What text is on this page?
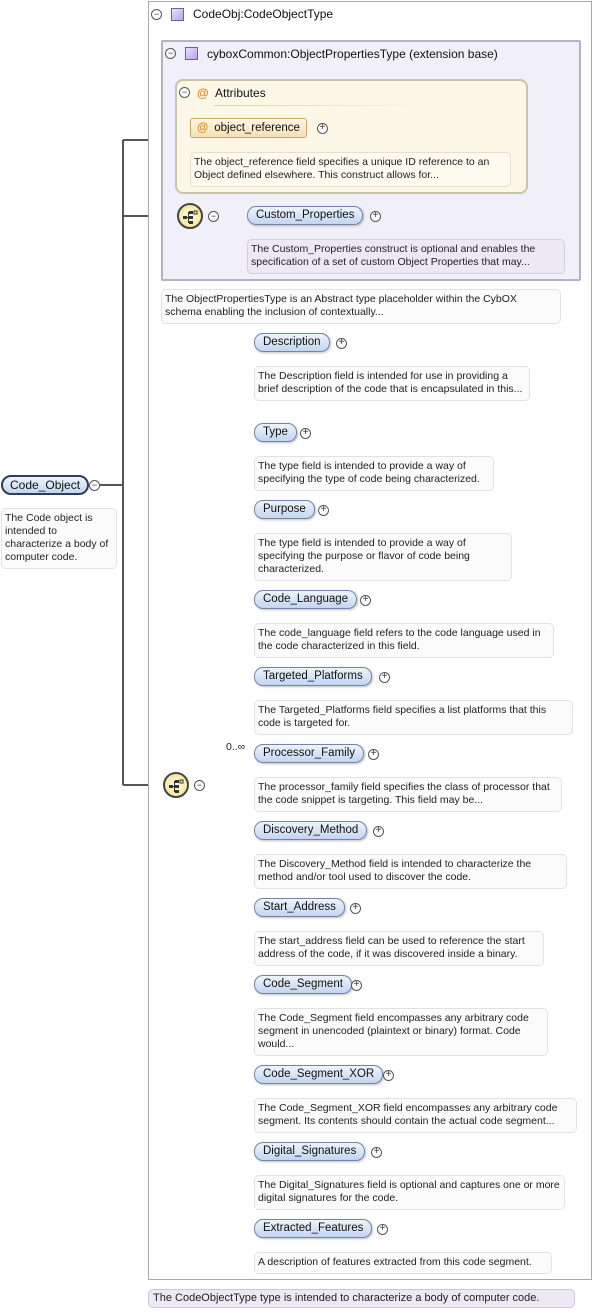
−	CodeObj:CodeObjectType
−	cyboxCommon:ObjectPropertiesType (extension base)
− @ Attributes
@ object_reference	+
The object_reference field specifies a unique ID reference to an Object defined elsewhere. This construct allows for...
−	Custom_Properties	+
The Custom_Properties construct is optional and enables the specification of a set of custom Object Properties that may...
The ObjectPropertiesType is an Abstract type placeholder within the CybOX schema enabling the inclusion of contextually...
Code_Object	−
The Code object is intended to characterize a body of computer code.
−
0..∞
Description	+
The Description field is intended for use in providing a brief description of the code that is encapsulated in this...
Type	+
The type field is intended to provide a way of specifying the type of code being characterized.
Purpose	+
The type field is intended to provide a way of specifying the purpose or flavor of code being characterized.
Code_Language	+
The code_language field refers to the code language used in the code characterized in this field.
Targeted_Platforms	+
The Targeted_Platforms field specifies a list platforms that this code is targeted for.
Processor_Family	+
The processor_family field specifies the class of processor that the code snippet is targeting. This field may be...
Discovery_Method	+
The Discovery_Method field is intended to characterize the method and/or tool used to discover the code.
Start_Address	+
The start_address field can be used to reference the start address of the code, if it was discovered inside a binary.
Code_Segment	+
The Code_Segment field encompasses any arbitrary code segment in unencoded (plaintext or binary) format. Code would...
Code_Segment_XOR	+
The Code_Segment_XOR field encompasses any arbitrary code segment. Its contents should contain the actual code segment...
Digital_Signatures	+
The Digital_Signatures field is optional and captures one or more digital signatures for the code.
Extracted_Features	+
A description of features extracted from this code segment.
The CodeObjectType type is intended to characterize a body of computer code.
